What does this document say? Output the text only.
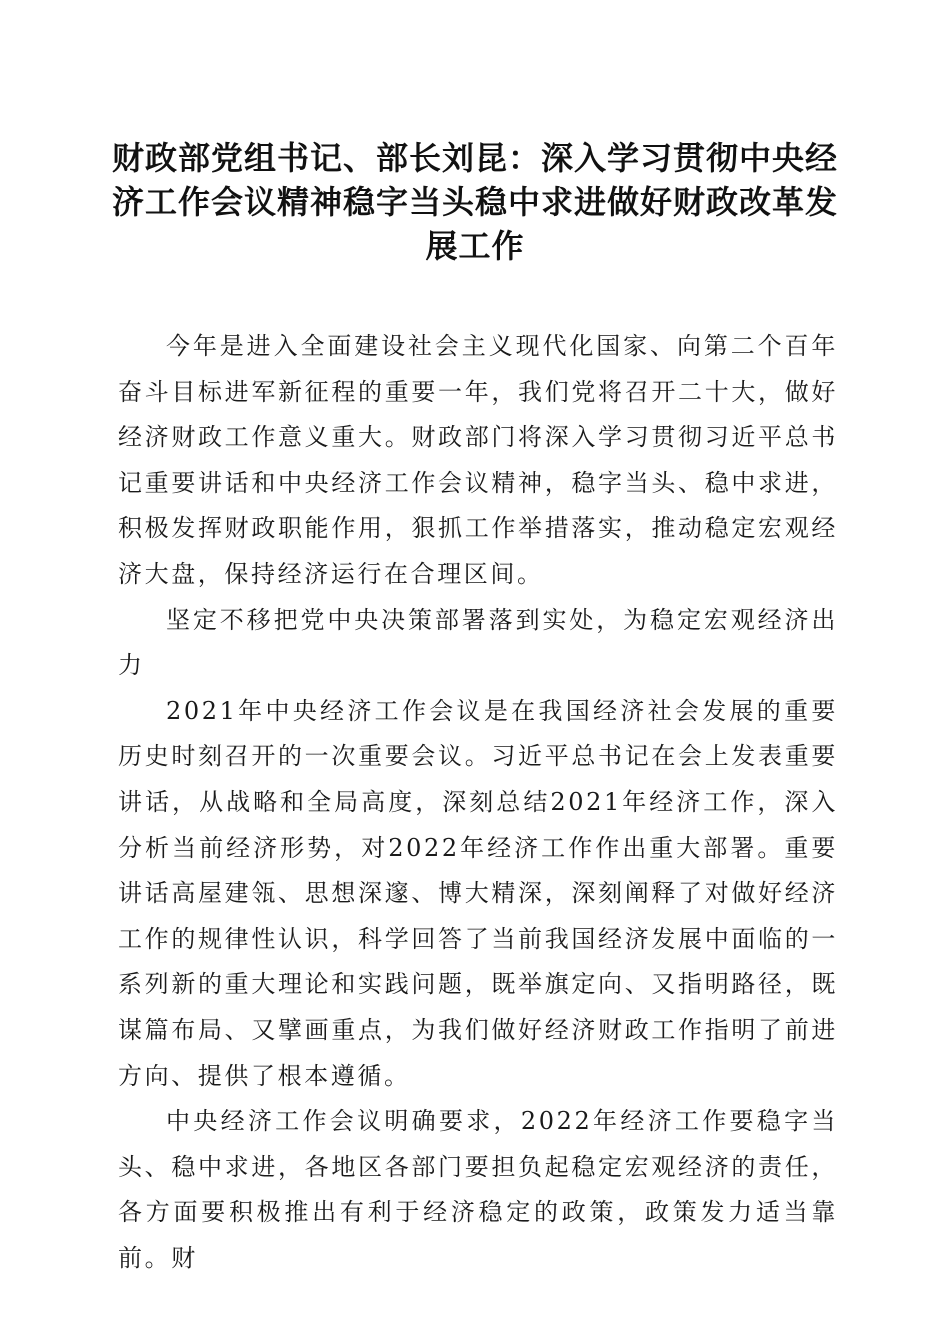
财政部党组书记、部长刘昆：深入学习贯彻中央经济工作会议精神稳字当头稳中求进做好财政改革发展工作

今年是进入全面建设社会主义现代化国家、向第二个百年奋斗目标进军新征程的重要一年，我们党将召开二十大，做好经济财政工作意义重大。财政部门将深入学习贯彻习近平总书记重要讲话和中央经济工作会议精神，稳字当头、稳中求进，积极发挥财政职能作用，狠抓工作举措落实，推动稳定宏观经济大盘，保持经济运行在合理区间。

坚定不移把党中央决策部署落到实处，为稳定宏观经济出力

2021年中央经济工作会议是在我国经济社会发展的重要历史时刻召开的一次重要会议。习近平总书记在会上发表重要讲话，从战略和全局高度，深刻总结2021年经济工作，深入分析当前经济形势，对2022年经济工作作出重大部署。重要讲话高屋建瓴、思想深邃、博大精深，深刻阐释了对做好经济工作的规律性认识，科学回答了当前我国经济发展中面临的一系列新的重大理论和实践问题，既举旗定向、又指明路径，既谋篇布局、又擘画重点，为我们做好经济财政工作指明了前进方向、提供了根本遵循。

中央经济工作会议明确要求，2022年经济工作要稳字当头、稳中求进，各地区各部门要担负起稳定宏观经济的责任，各方面要积极推出有利于经济稳定的政策，政策发力适当靠前。财
